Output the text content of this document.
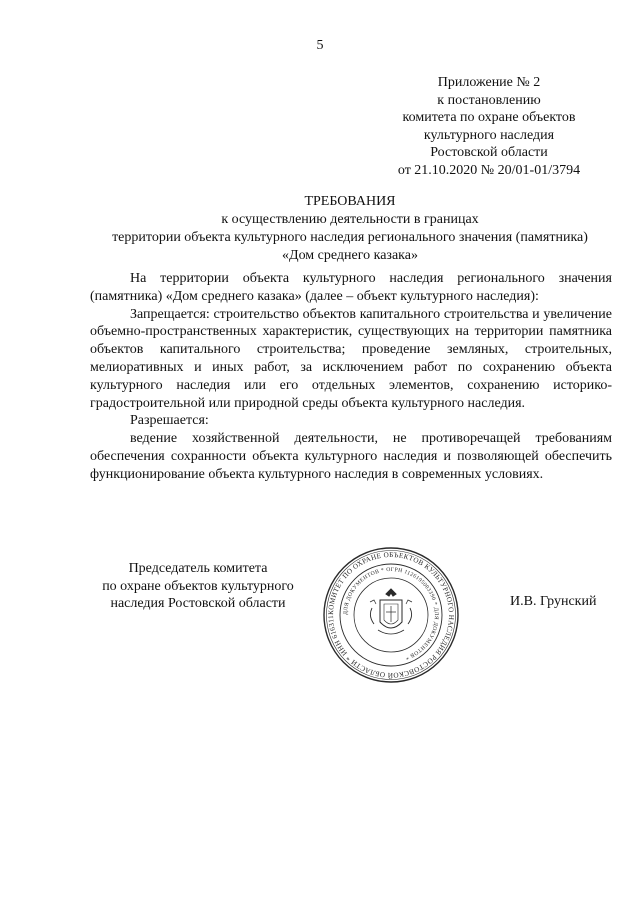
5
Приложение № 2
к постановлению
комитета по охране объектов
культурного наследия
Ростовской области
от 21.10.2020 № 20/01-01/3794
ТРЕБОВАНИЯ
к осуществлению деятельности в границах
территории объекта культурного наследия регионального значения (памятника)
«Дом среднего казака»

На территории объекта культурного наследия регионального значения (памятника) «Дом среднего казака» (далее – объект культурного наследия):

Запрещается: строительство объектов капитального строительства и увеличение объемно-пространственных характеристик, существующих на территории памятника объектов капитального строительства; проведение земляных, строительных, мелиоративных и иных работ, за исключением работ по сохранению объекта культурного наследия или его отдельных элементов, сохранению историко-градостроительной или природной среды объекта культурного наследия.

Разрешается:

ведение хозяйственной деятельности, не противоречащей требованиям обеспечения сохранности объекта культурного наследия и позволяющей обеспечить функционирование объекта культурного наследия в современных условиях.

Председатель комитета
по охране объектов культурного
наследия Ростовской области
КОМИТЕТ ПО ОХРАНЕ ОБЪЕКТОВ КУЛЬТУРНОГО НАСЛЕДИЯ РОСТОВСКОЙ ОБЛАСТИ * ИНН 616311
ДЛЯ ДОКУМЕНТОВ * ОГРН 1126195003390 * ДЛЯ ДОКУМЕНТОВ *
И.В. Грунский
